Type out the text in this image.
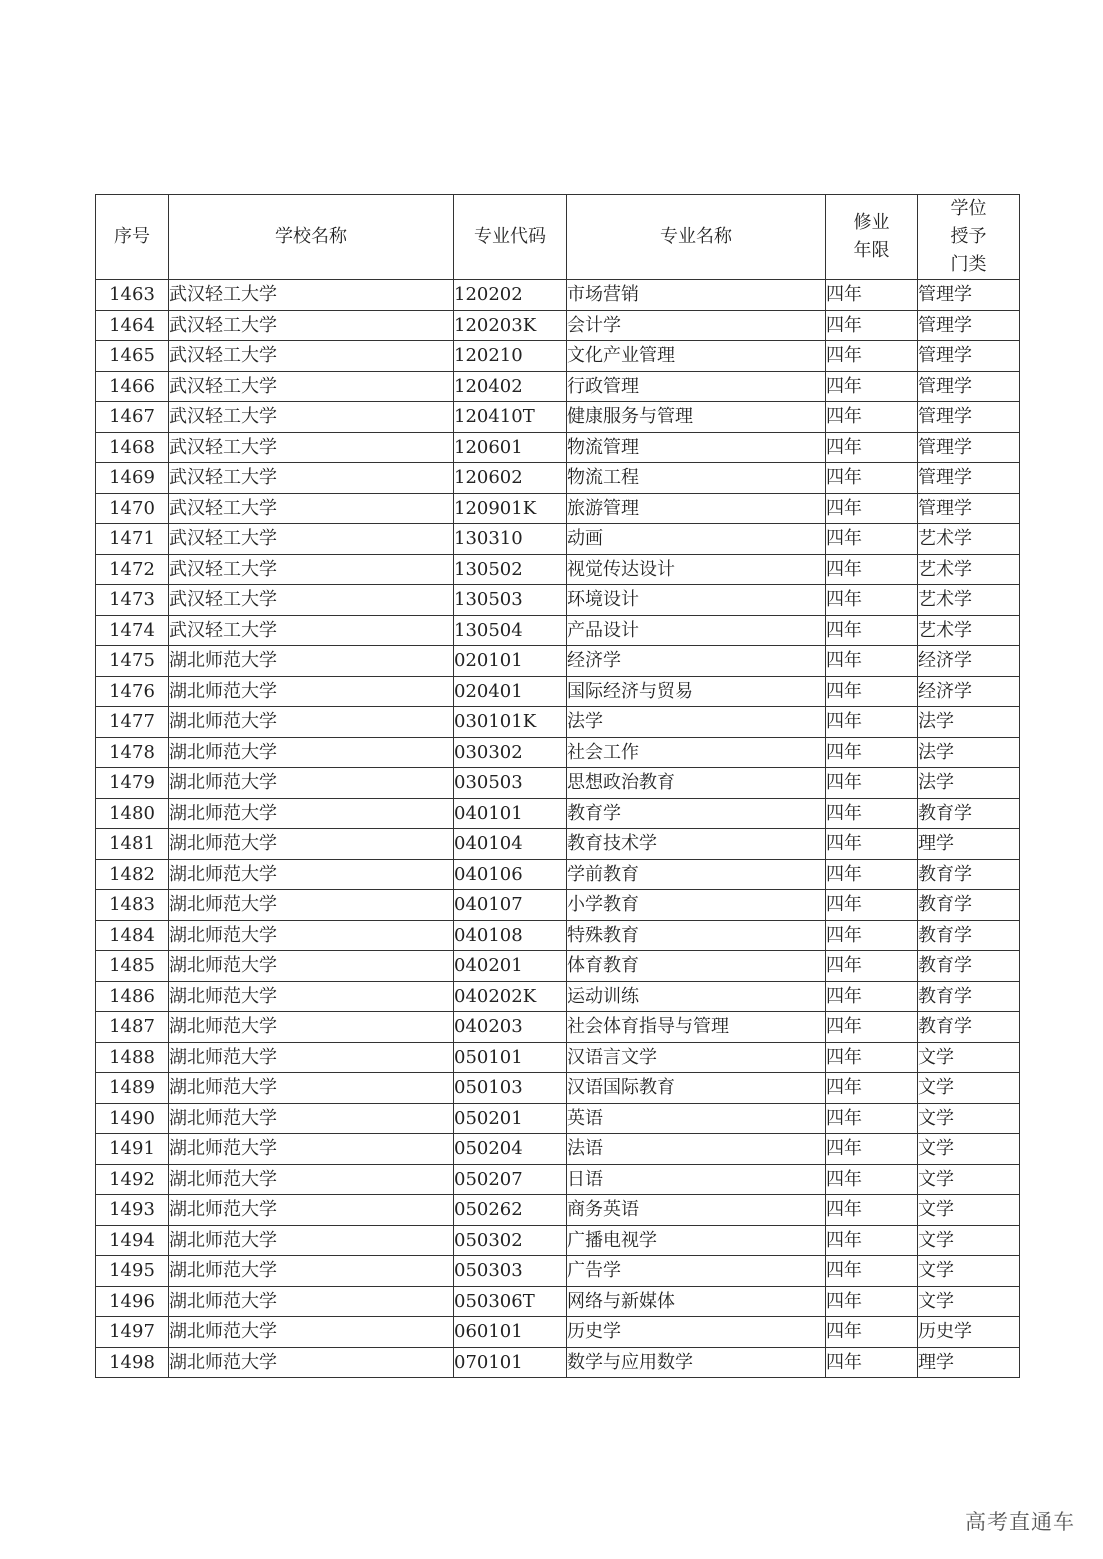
序号	学校名称	专业代码	专业名称	修业年限	学位授予门类
1463	武汉轻工大学	120202	市场营销	四年	管理学
1464	武汉轻工大学	120203K	会计学	四年	管理学
1465	武汉轻工大学	120210	文化产业管理	四年	管理学
1466	武汉轻工大学	120402	行政管理	四年	管理学
1467	武汉轻工大学	120410T	健康服务与管理	四年	管理学
1468	武汉轻工大学	120601	物流管理	四年	管理学
1469	武汉轻工大学	120602	物流工程	四年	管理学
1470	武汉轻工大学	120901K	旅游管理	四年	管理学
1471	武汉轻工大学	130310	动画	四年	艺术学
1472	武汉轻工大学	130502	视觉传达设计	四年	艺术学
1473	武汉轻工大学	130503	环境设计	四年	艺术学
1474	武汉轻工大学	130504	产品设计	四年	艺术学
1475	湖北师范大学	020101	经济学	四年	经济学
1476	湖北师范大学	020401	国际经济与贸易	四年	经济学
1477	湖北师范大学	030101K	法学	四年	法学
1478	湖北师范大学	030302	社会工作	四年	法学
1479	湖北师范大学	030503	思想政治教育	四年	法学
1480	湖北师范大学	040101	教育学	四年	教育学
1481	湖北师范大学	040104	教育技术学	四年	理学
1482	湖北师范大学	040106	学前教育	四年	教育学
1483	湖北师范大学	040107	小学教育	四年	教育学
1484	湖北师范大学	040108	特殊教育	四年	教育学
1485	湖北师范大学	040201	体育教育	四年	教育学
1486	湖北师范大学	040202K	运动训练	四年	教育学
1487	湖北师范大学	040203	社会体育指导与管理	四年	教育学
1488	湖北师范大学	050101	汉语言文学	四年	文学
1489	湖北师范大学	050103	汉语国际教育	四年	文学
1490	湖北师范大学	050201	英语	四年	文学
1491	湖北师范大学	050204	法语	四年	文学
1492	湖北师范大学	050207	日语	四年	文学
1493	湖北师范大学	050262	商务英语	四年	文学
1494	湖北师范大学	050302	广播电视学	四年	文学
1495	湖北师范大学	050303	广告学	四年	文学
1496	湖北师范大学	050306T	网络与新媒体	四年	文学
1497	湖北师范大学	060101	历史学	四年	历史学
1498	湖北师范大学	070101	数学与应用数学	四年	理学
高考直通车
